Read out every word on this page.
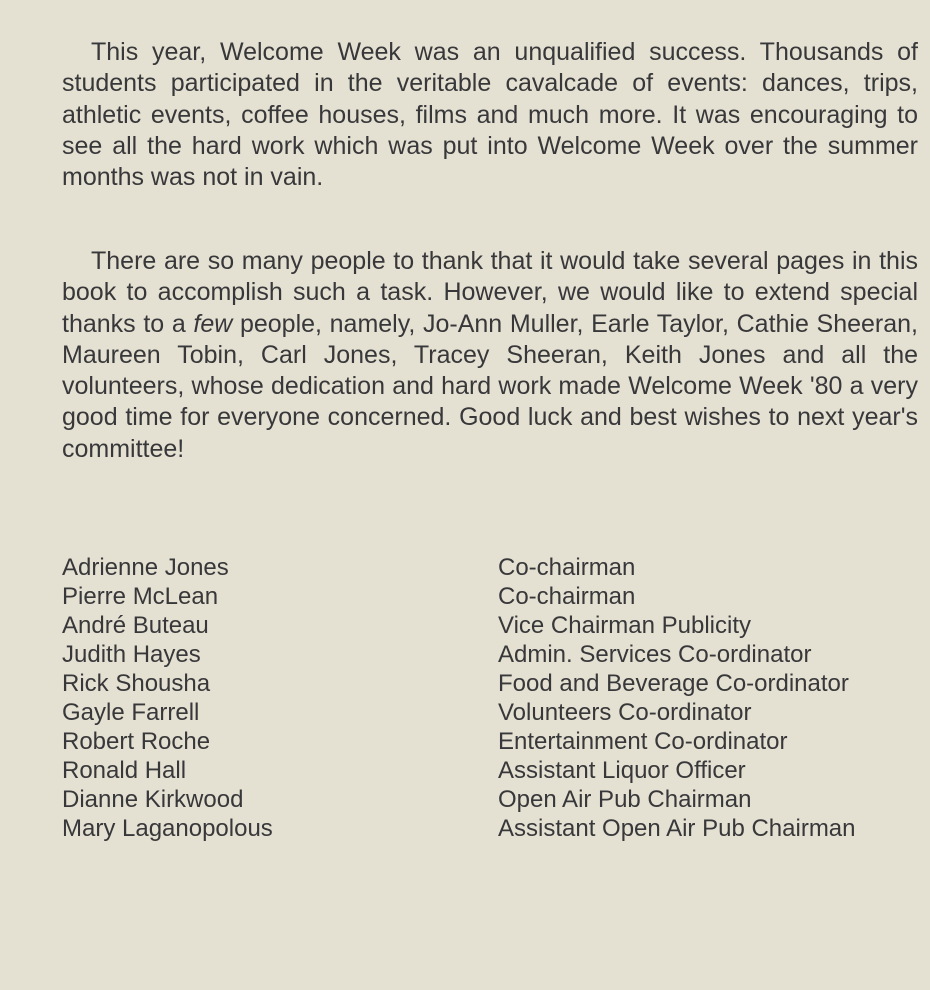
This year, Welcome Week was an unqualified success. Thousands of students participated in the veritable cavalcade of events: dances, trips, athletic events, coffee houses, films and much more. It was encouraging to see all the hard work which was put into Welcome Week over the summer months was not in vain.

There are so many people to thank that it would take several pages in this book to accomplish such a task. However, we would like to extend special thanks to a few people, namely, Jo-Ann Muller, Earle Taylor, Cathie Sheeran, Maureen Tobin, Carl Jones, Tracey Sheeran, Keith Jones and all the volunteers, whose dedication and hard work made Welcome Week '80 a very good time for everyone concerned. Good luck and best wishes to next year's committee!

Adrienne Jones	Co-chairman
Pierre McLean	Co-chairman
André Buteau	Vice Chairman Publicity
Judith Hayes	Admin. Services Co-ordinator
Rick Shousha	Food and Beverage Co-ordinator
Gayle Farrell	Volunteers Co-ordinator
Robert Roche	Entertainment Co-ordinator
Ronald Hall	Assistant Liquor Officer
Dianne Kirkwood	Open Air Pub Chairman
Mary Laganopolous	Assistant Open Air Pub Chairman
